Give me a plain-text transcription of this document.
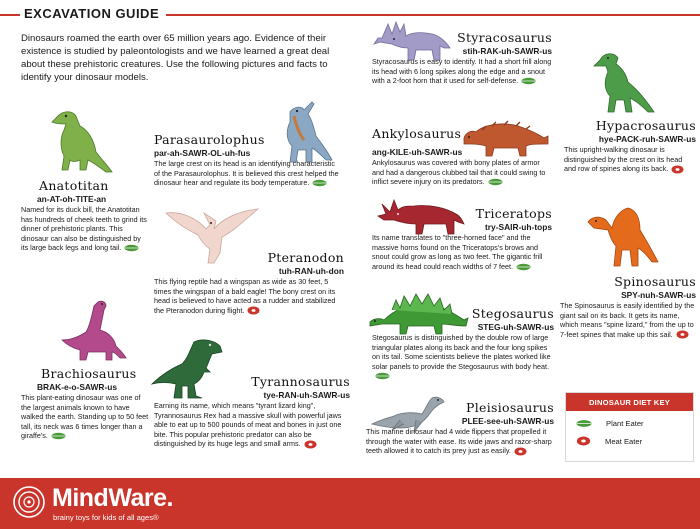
EXCAVATION GUIDE
Dinosaurs roamed the earth over 65 million years ago. Evidence of their existence is studied by paleontologists and we have learned a great deal about these prehistoric creatures. Use the following pictures and facts to identify your dinosaur models.
Anatotitan
an-AT-oh-TITE-an
Named for its duck bill, the Anatotitan has hundreds of cheek teeth to grind its dinner of prehistoric plants. This dinosaur can also be distinguished by its large back legs and long tail.
Parasaurolophus
par-ah-SAWR-OL-uh-fus
The large crest on its head is an identifying characteristic of the Parasaurolophus. It is believed this crest helped the dinosaur hear and regulate its body temperature.
Pteranodon
tuh-RAN-uh-don
This flying reptile had a wingspan as wide as 30 feet, 5 times the wingspan of a bald eagle! The bony crest on its head is believed to have acted as a rudder and stabilized the Pteranodon during flight.
Brachiosaurus
BRAK-e-o-SAWR-us
This plant-eating dinosaur was one of the largest animals known to have walked the earth. Standing up to 50 feet tall, its neck was 6 times longer than a giraffe's.
Tyrannosaurus
tye-RAN-uh-SAWR-us
Earning its name, which means "tyrant lizard king", Tyrannosaurus Rex had a massive skull with powerful jaws able to eat up to 500 pounds of meat and bones in just one bite. This popular prehistoric predator can also be distinguished by its huge legs and small arms.
Styracosaurus
stih-RAK-uh-SAWR-us
Styracosaurus is easy to identify. It had a short frill along its head with 6 long spikes along the edge and a snout with a 2-foot horn that it used for self-defense.
Ankylosaurus
ang-KILE-uh-SAWR-us
Ankylosaurus was covered with bony plates of armor and had a dangerous clubbed tail that it could swing to inflict severe injury on its predators.
Hypacrosaurus
hye-PACK-ruh-SAWR-us
This upright-walking dinosaur is distinguished by the crest on its head and row of spines along its back.
Triceratops
try-SAIR-uh-tops
Its name translates to "three-horned face" and the massive horns found on the Triceratops's brows and snout could grow as long as two feet. The gigantic frill around its head could reach widths of 7 feet.
Spinosaurus
SPY-nuh-SAWR-us
The Spinosaurus is easily identified by the giant sail on its back. It gets its name, which means "spine lizard," from the up to 7-feet spines that make up this sail.
Stegosaurus
STEG-uh-SAWR-us
Stegosaurus is distinguished by the double row of large triangular plates along its back and the four long spikes on its tail. Some scientists believe the plates worked like solar panels to provide the Stegosaurus with body heat.
Pleisiosaurus
PLEE-see-uh-SAWR-us
This marine dinosaur had 4 wide flippers that propelled it through the water with ease. Its wide jaws and razor-sharp teeth allowed it to catch its prey just as easily.
DINOSAUR DIET KEY
Plant Eater
Meat Eater
MindWare.
brainy toys for kids of all ages®
